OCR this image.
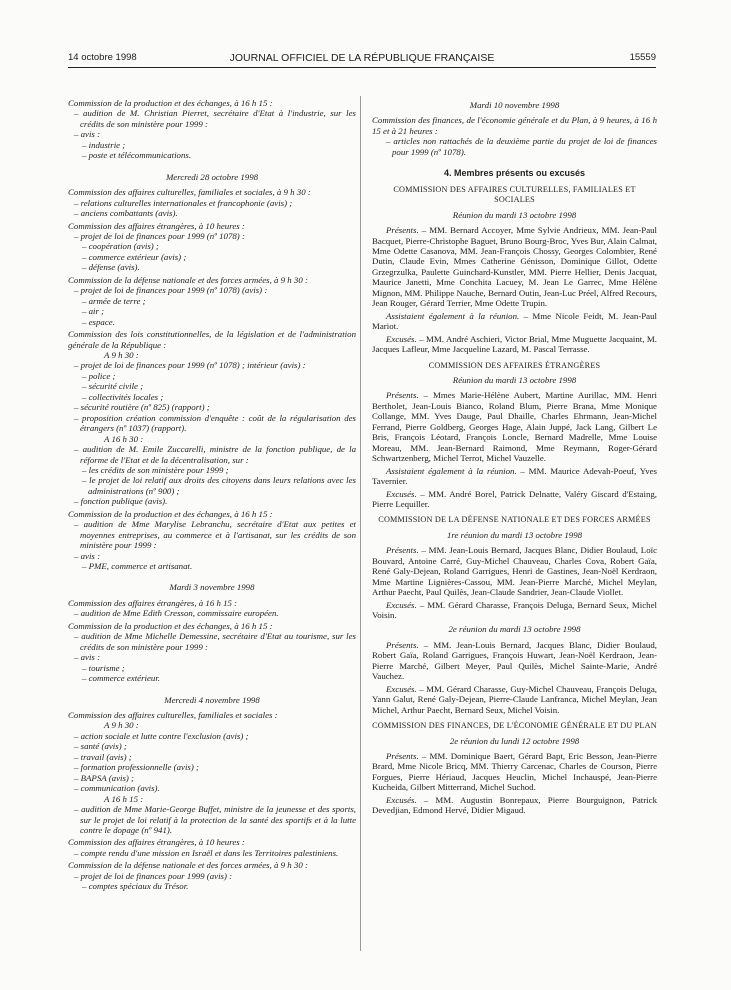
14 octobre 1998	JOURNAL OFFICIEL DE LA RÉPUBLIQUE FRANÇAISE	15559
Commission de la production et des échanges, à 16 h 15 :
– audition de M. Christian Pierret, secrétaire d'Etat à l'industrie, sur les crédits de son ministère pour 1999 :
– avis :
– industrie ;
– poste et télécommunications.
Mercredi 28 octobre 1998
Commission des affaires culturelles, familiales et sociales, à 9 h 30 :
– relations culturelles internationales et francophonie (avis) ;
– anciens combattants (avis).
Commission des affaires étrangères, à 10 heures :
– projet de loi de finances pour 1999 (nº 1078) :
– coopération (avis) ;
– commerce extérieur (avis) ;
– défense (avis).
Commission de la défense nationale et des forces armées, à 9 h 30 :
– projet de loi de finances pour 1999 (nº 1078) (avis) :
– armée de terre ;
– air ;
– espace.
Commission des lois constitutionnelles, de la législation et de l'administration générale de la République :
A 9 h 30 :
– projet de loi de finances pour 1999 (nº 1078) ; intérieur (avis) :
– police ;
– sécurité civile ;
– collectivités locales ;
– sécurité routière (nº 825) (rapport) ;
– proposition création commission d'enquête : coût de la régularisation des étrangers (nº 1037) (rapport).
A 16 h 30 :
– audition de M. Emile Zuccarelli, ministre de la fonction publique, de la réforme de l'Etat et de la décentralisation, sur :
– les crédits de son ministère pour 1999 ;
– le projet de loi relatif aux droits des citoyens dans leurs relations avec les administrations (nº 900) ;
– fonction publique (avis).
Commission de la production et des échanges, à 16 h 15 :
– audition de Mme Marylise Lebranchu, secrétaire d'Etat aux petites et moyennes entreprises, au commerce et à l'artisanat, sur les crédits de son ministère pour 1999 :
– avis :
– PME, commerce et artisanat.
Mardi 3 novembre 1998
Commission des affaires étrangères, à 16 h 15 :
– audition de Mme Edith Cresson, commissaire européen.
Commission de la production et des échanges, à 16 h 15 :
– audition de Mme Michelle Demessine, secrétaire d'Etat au tourisme, sur les crédits de son ministère pour 1999 :
– avis :
– tourisme ;
– commerce extérieur.
Mercredi 4 novembre 1998
Commission des affaires culturelles, familiales et sociales :
A 9 h 30 :
– action sociale et lutte contre l'exclusion (avis) ;
– santé (avis) ;
– travail (avis) ;
– formation professionnelle (avis) ;
– BAPSA (avis) ;
– communication (avis).
A 16 h 15 :
– audition de Mme Marie-George Buffet, ministre de la jeunesse et des sports, sur le projet de loi relatif à la protection de la santé des sportifs et à la lutte contre le dopage (nº 941).
Commission des affaires étrangères, à 10 heures :
– compte rendu d'une mission en Israël et dans les Territoires palestiniens.
Commission de la défense nationale et des forces armées, à 9 h 30 :
– projet de loi de finances pour 1999 (avis) :
– comptes spéciaux du Trésor.
Mardi 10 novembre 1998
Commission des finances, de l'économie générale et du Plan, à 9 heures, à 16 h 15 et à 21 heures :
– articles non rattachés de la deuxième partie du projet de loi de finances pour 1999 (nº 1078).
4. Membres présents ou excusés
COMMISSION DES AFFAIRES CULTURELLES, FAMILIALES ET SOCIALES
Réunion du mardi 13 octobre 1998
Présents. – MM. Bernard Accoyer, Mme Sylvie Andrieux, MM. Jean-Paul Bacquet, Pierre-Christophe Baguet, Bruno Bourg-Broc, Yves Bur, Alain Calmat, Mme Odette Casanova, MM. Jean-François Chossy, Georges Colombier, René Dutin, Claude Evin, Mmes Catherine Génisson, Dominique Gillot, Odette Grzegrzulka, Paulette Guinchard-Kunstler, MM. Pierre Hellier, Denis Jacquat, Maurice Janetti, Mme Conchita Lacuey, M. Jean Le Garrec, Mme Hélène Mignon, MM. Philippe Nauche, Bernard Outin, Jean-Luc Préel, Alfred Recours, Jean Rouger, Gérard Terrier, Mme Odette Trupin.
Assistaient également à la réunion. – Mme Nicole Feidt, M. Jean-Paul Mariot.
Excusés. – MM. André Aschieri, Victor Brial, Mme Muguette Jacquaint, M. Jacques Lafleur, Mme Jacqueline Lazard, M. Pascal Terrasse.
COMMISSION DES AFFAIRES ÉTRANGÈRES
Réunion du mardi 13 octobre 1998
Présents. – Mmes Marie-Hélène Aubert, Martine Aurillac, MM. Henri Bertholet, Jean-Louis Bianco, Roland Blum, Pierre Brana, Mme Monique Collange, MM. Yves Dauge, Paul Dhaille, Charles Ehrmann, Jean-Michel Ferrand, Pierre Goldberg, Georges Hage, Alain Juppé, Jack Lang, Gilbert Le Bris, François Léotard, François Loncle, Bernard Madrelle, Mme Louise Moreau, MM. Jean-Bernard Raimond, Mme Reymann, Roger-Gérard Schwartzenberg, Michel Terrot, Michel Vauzelle.
Assistaient également à la réunion. – MM. Maurice Adevah-Poeuf, Yves Tavernier.
Excusés. – MM. André Borel, Patrick Delnatte, Valéry Giscard d'Estaing, Pierre Lequiller.
COMMISSION DE LA DÉFENSE NATIONALE ET DES FORCES ARMÉES
1re réunion du mardi 13 octobre 1998
Présents. – MM. Jean-Louis Bernard, Jacques Blanc, Didier Boulaud, Loïc Bouvard, Antoine Carré, Guy-Michel Chauveau, Charles Cova, Robert Gaïa, René Galy-Dejean, Roland Garrigues, Henri de Gastines, Jean-Noël Kerdraon, Mme Martine Lignières-Cassou, MM. Jean-Pierre Marché, Michel Meylan, Arthur Paecht, Paul Quilès, Jean-Claude Sandrier, Jean-Claude Viollet.
Excusés. – MM. Gérard Charasse, François Deluga, Bernard Seux, Michel Voisin.
2e réunion du mardi 13 octobre 1998
Présents. – MM. Jean-Louis Bernard, Jacques Blanc, Didier Boulaud, Robert Gaïa, Roland Garrigues, François Huwart, Jean-Noël Kerdraon, Jean-Pierre Marché, Gilbert Meyer, Paul Quilès, Michel Sainte-Marie, André Vauchez.
Excusés. – MM. Gérard Charasse, Guy-Michel Chauveau, François Deluga, Yann Galut, René Galy-Dejean, Pierre-Claude Lanfranca, Michel Meylan, Jean Michel, Arthur Paecht, Bernard Seux, Michel Voisin.
COMMISSION DES FINANCES, DE L'ÉCONOMIE GÉNÉRALE ET DU PLAN
2e réunion du lundi 12 octobre 1998
Présents. – MM. Dominique Baert, Gérard Bapt, Eric Besson, Jean-Pierre Brard, Mme Nicole Bricq, MM. Thierry Carcenac, Charles de Courson, Pierre Forgues, Pierre Hériaud, Jacques Heuclin, Michel Inchauspé, Jean-Pierre Kucheida, Gilbert Mitterrand, Michel Suchod.
Excusés. – MM. Augustin Bonrepaux, Pierre Bourguignon, Patrick Devedjian, Edmond Hervé, Didier Migaud.
